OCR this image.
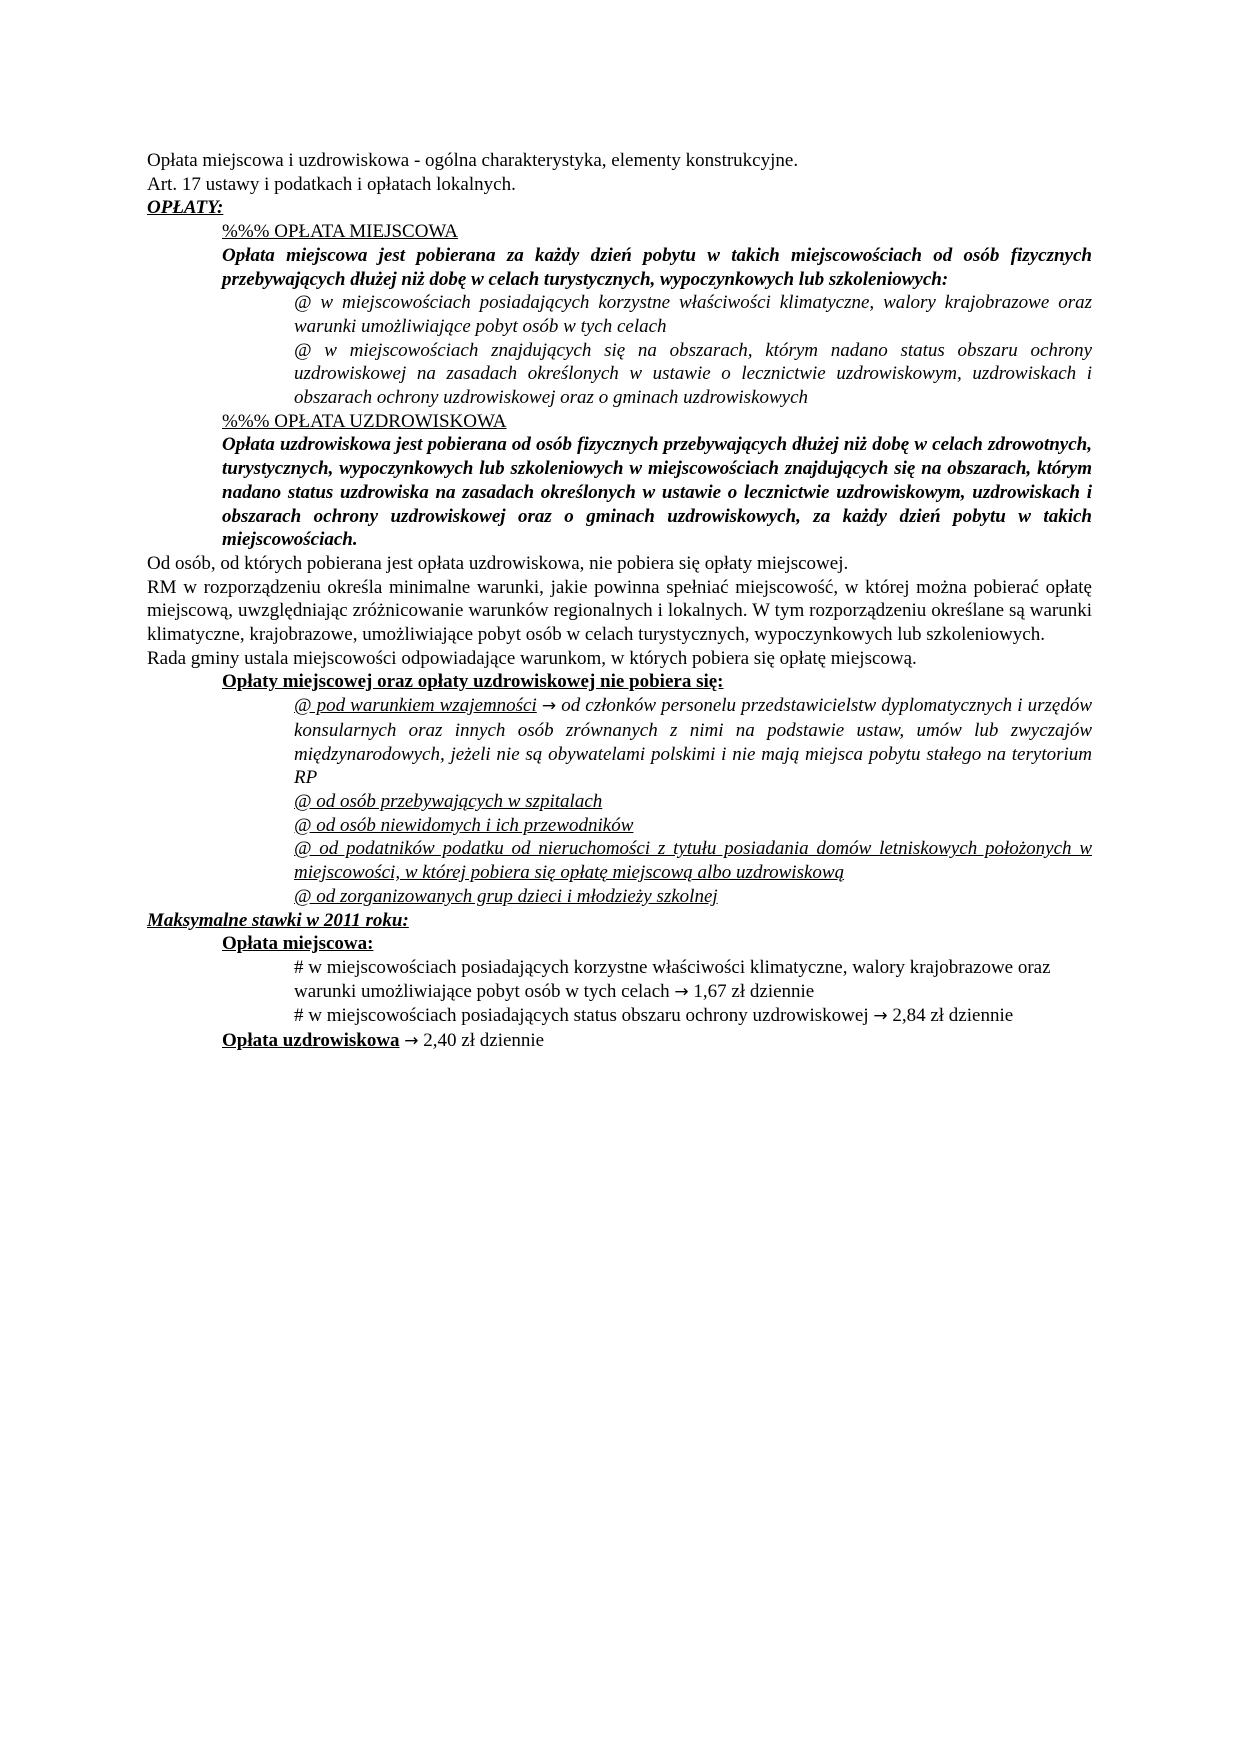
Opłata miejscowa i uzdrowiskowa - ogólna charakterystyka, elementy konstrukcyjne.

Art. 17 ustawy i podatkach i opłatach lokalnych.

OPŁATY:

%%% OPŁATA MIEJSCOWA

Opłata miejscowa jest pobierana za każdy dzień pobytu w takich miejscowościach od osób fizycznych przebywających dłużej niż dobę w celach turystycznych, wypoczynkowych lub szkoleniowych:

@ w miejscowościach posiadających korzystne właściwości klimatyczne, walory krajobrazowe oraz warunki umożliwiające pobyt osób w tych celach

@ w miejscowościach znajdujących się na obszarach, którym nadano status obszaru ochrony uzdrowiskowej na zasadach określonych w ustawie o lecznictwie uzdrowiskowym, uzdrowiskach i obszarach ochrony uzdrowiskowej oraz o gminach uzdrowiskowych

%%% OPŁATA UZDROWISKOWA

Opłata uzdrowiskowa jest pobierana od osób fizycznych przebywających dłużej niż dobę w celach zdrowotnych, turystycznych, wypoczynkowych lub szkoleniowych w miejscowościach znajdujących się na obszarach, którym nadano status uzdrowiska na zasadach określonych w ustawie o lecznictwie uzdrowiskowym, uzdrowiskach i obszarach ochrony uzdrowiskowej oraz o gminach uzdrowiskowych, za każdy dzień pobytu w takich miejscowościach.

Od osób, od których pobierana jest opłata uzdrowiskowa, nie pobiera się opłaty miejscowej.

RM w rozporządzeniu określa minimalne warunki, jakie powinna spełniać miejscowość, w której można pobierać opłatę miejscową, uwzględniając zróżnicowanie warunków regionalnych i lokalnych. W tym rozporządzeniu określane są warunki klimatyczne, krajobrazowe, umożliwiające pobyt osób w celach turystycznych, wypoczynkowych lub szkoleniowych.

Rada gminy ustala miejscowości odpowiadające warunkom, w których pobiera się opłatę miejscową.

Opłaty miejscowej oraz opłaty uzdrowiskowej nie pobiera się:

@ pod warunkiem wzajemności → od członków personelu przedstawicielstw dyplomatycznych i urzędów konsularnych oraz innych osób zrównanych z nimi na podstawie ustaw, umów lub zwyczajów międzynarodowych, jeżeli nie są obywatelami polskimi i nie mają miejsca pobytu stałego na terytorium RP

@ od osób przebywających w szpitalach

@ od osób niewidomych i ich przewodników

@ od podatników podatku od nieruchomości z tytułu posiadania domów letniskowych położonych w miejscowości, w której pobiera się opłatę miejscową albo uzdrowiskową

@ od zorganizowanych grup dzieci i młodzieży szkolnej

Maksymalne stawki w 2011 roku:

Opłata miejscowa:

# w miejscowościach posiadających korzystne właściwości klimatyczne, walory krajobrazowe oraz warunki umożliwiające pobyt osób w tych celach → 1,67 zł dziennie

# w miejscowościach posiadających status obszaru ochrony uzdrowiskowej → 2,84 zł dziennie

Opłata uzdrowiskowa → 2,40 zł dziennie
